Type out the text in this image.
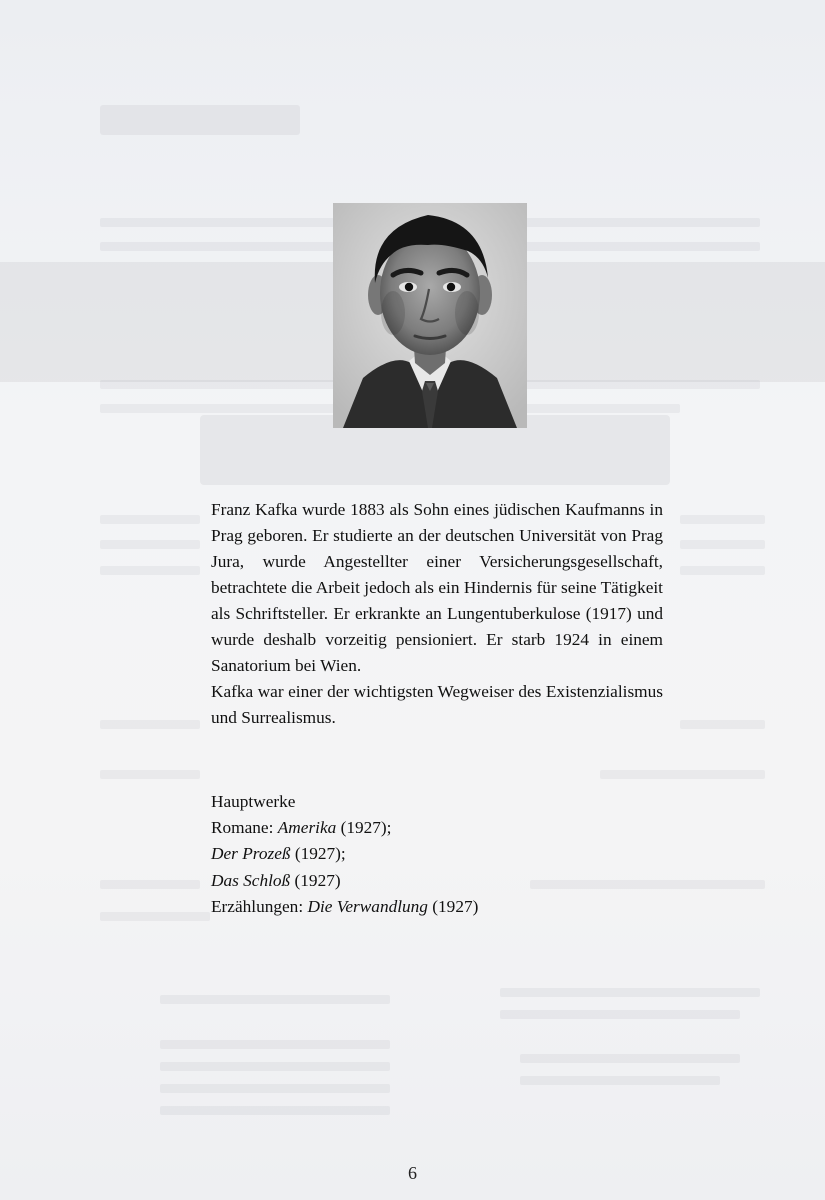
Franz Kafka wurde 1883 als Sohn eines jüdischen Kaufmanns in Prag geboren. Er studierte an der deutschen Universität von Prag Jura, wurde Angestellter einer Versicherungsgesellschaft, betrachtete die Arbeit jedoch als ein Hindernis für seine Tätigkeit als Schriftsteller. Er erkrankte an Lungentuberkulose (1917) und wurde deshalb vorzeitig pensioniert. Er starb 1924 in einem Sanatorium bei Wien.

Kafka war einer der wichtigsten Wegweiser des Existenzialismus und Surrealismus.

Hauptwerke
Romane: Amerika (1927);
Der Prozeß (1927);
Das Schloß (1927)
Erzählungen: Die Verwandlung (1927)
6
